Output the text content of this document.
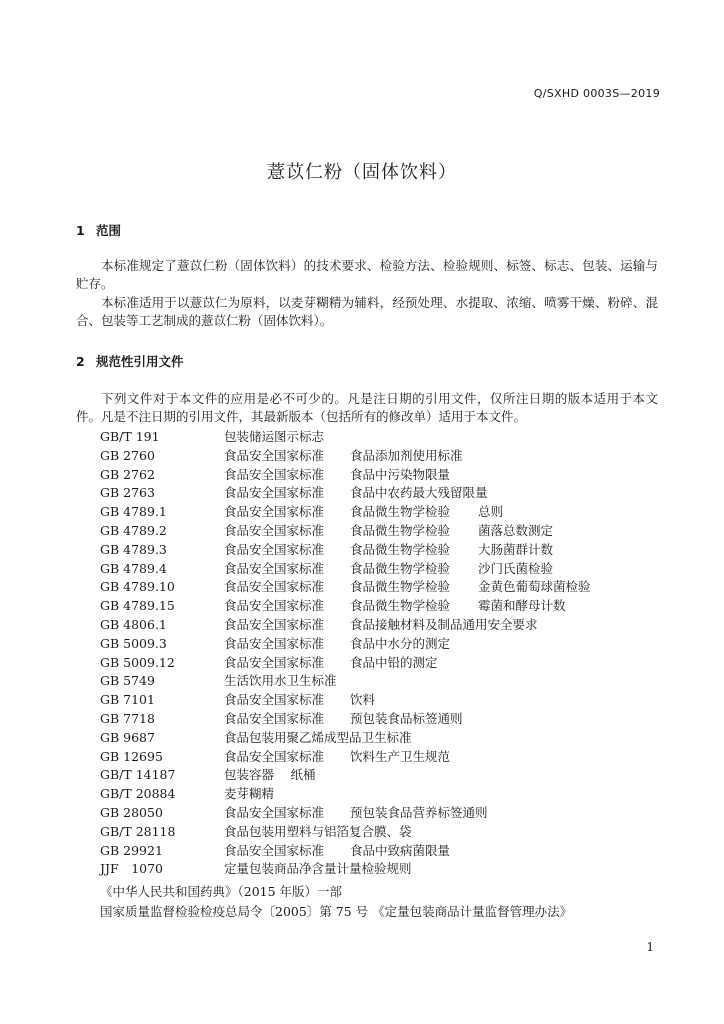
Q/SXHD 0003S—2019
薏苡仁粉（固体饮料）
1 范围
本标准规定了薏苡仁粉（固体饮料）的技术要求、检验方法、检验规则、标签、标志、包装、运输与贮存。
本标准适用于以薏苡仁为原料，以麦芽糊精为辅料，经预处理、水提取、浓缩、喷雾干燥、粉碎、混合、包装等工艺制成的薏苡仁粉（固体饮料）。
2 规范性引用文件
下列文件对于本文件的应用是必不可少的。凡是注日期的引用文件，仅所注日期的版本适用于本文件。凡是不注日期的引用文件，其最新版本（包括所有的修改单）适用于本文件。
GB/T 191	包装储运图示标志
GB 2760	食品安全国家标准 食品添加剂使用标准
GB 2762	食品安全国家标准 食品中污染物限量
GB 2763	食品安全国家标准 食品中农药最大残留限量
GB 4789.1	食品安全国家标准 食品微生物学检验 总则
GB 4789.2	食品安全国家标准 食品微生物学检验 菌落总数测定
GB 4789.3	食品安全国家标准 食品微生物学检验 大肠菌群计数
GB 4789.4	食品安全国家标准 食品微生物学检验 沙门氏菌检验
GB 4789.10	食品安全国家标准 食品微生物学检验 金黄色葡萄球菌检验
GB 4789.15	食品安全国家标准 食品微生物学检验 霉菌和酵母计数
GB 4806.1	食品安全国家标准 食品接触材料及制品通用安全要求
GB 5009.3	食品安全国家标准 食品中水分的测定
GB 5009.12	食品安全国家标准 食品中铅的测定
GB 5749	生活饮用水卫生标准
GB 7101	食品安全国家标准 饮料
GB 7718	食品安全国家标准 预包装食品标签通则
GB 9687	食品包装用聚乙烯成型品卫生标准
GB 12695	食品安全国家标准 饮料生产卫生规范
GB/T 14187	包装容器　 纸桶
GB/T 20884	麦芽糊精
GB 28050	食品安全国家标准 预包装食品营养标签通则
GB/T 28118	食品包装用塑料与铝箔复合膜、袋
GB 29921	食品安全国家标准 食品中致病菌限量
JJF　1070	定量包装商品净含量计量检验规则
《中华人民共和国药典》（2015 年版）一部
国家质量监督检验检疫总局令〔2005〕第 75 号 《定量包装商品计量监督管理办法》
1
